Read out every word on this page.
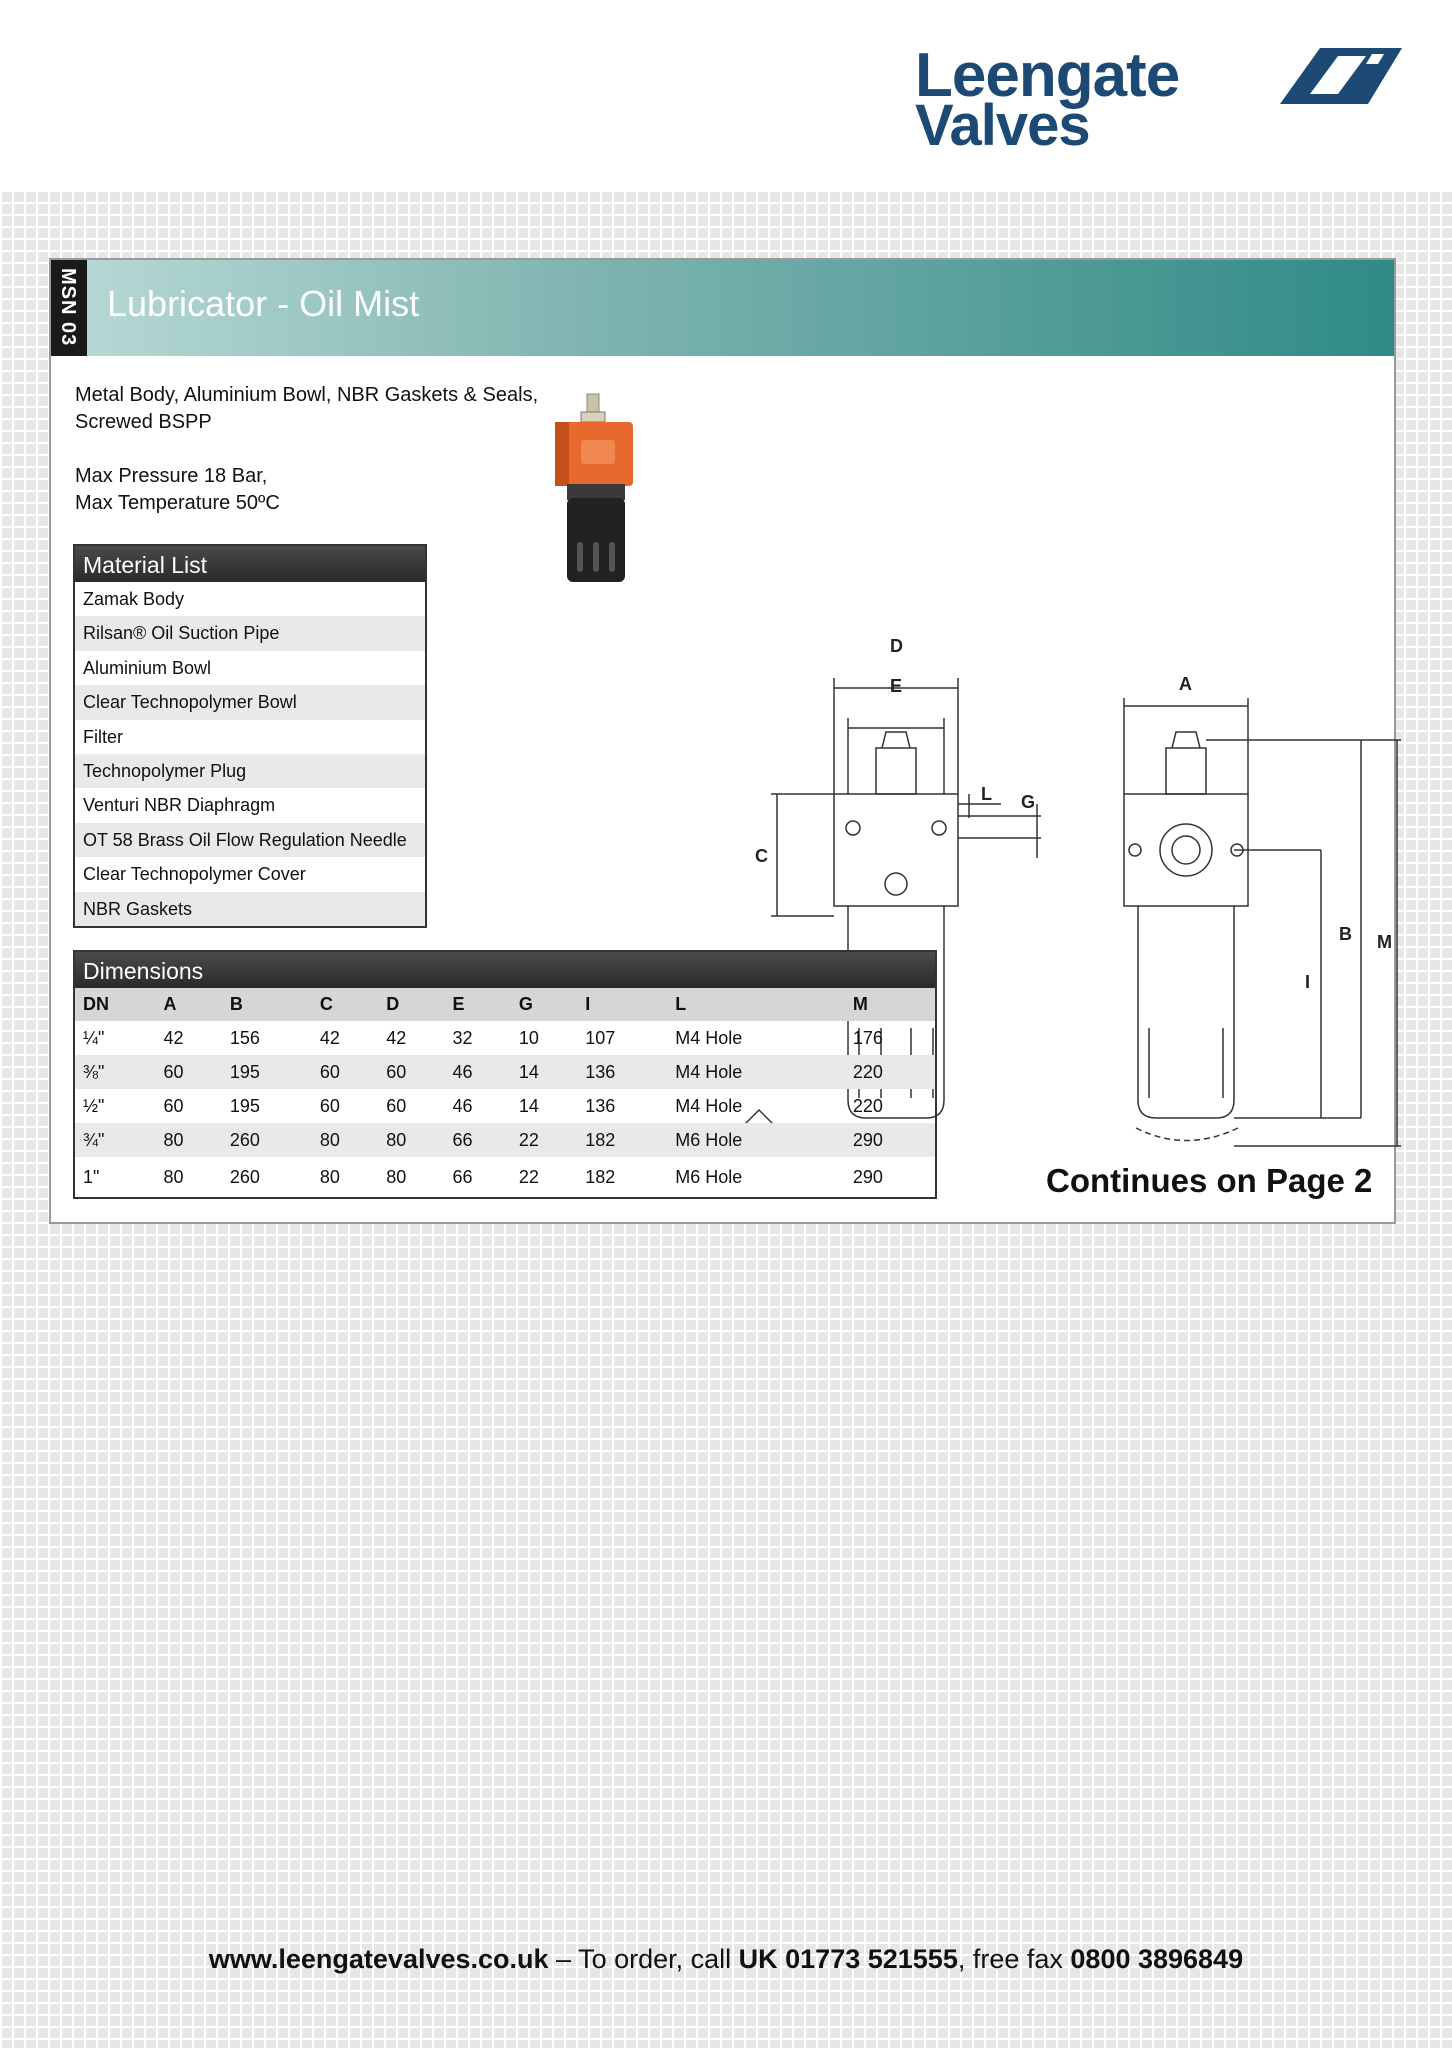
Leengate
Valves
MSN 03 Lubricator - Oil Mist
Metal Body, Aluminium Bowl, NBR Gaskets & Seals,
Screwed BSPP
Max Pressure 18 Bar,
Max Temperature 50ºC
Material List
Zamak Body
Rilsan® Oil Suction Pipe
Aluminium Bowl
Clear Technopolymer Bowl
Filter
Technopolymer Plug
Venturi NBR Diaphragm
OT 58 Brass Oil Flow Regulation Needle
Clear Technopolymer Cover
NBR Gaskets
D
E	A
C
L G
B M
I
Dimensions
DN	A	B	C	D	E	G	I	L	M
¼"	42	156	42	42	32	10	107	M4 Hole	176
⅜"	60	195	60	60	46	14	136	M4 Hole	220
½"	60	195	60	60	46	14	136	M4 Hole	220
¾"	80	260	80	80	66	22	182	M6 Hole	290
1"	80	260	80	80	66	22	182	M6 Hole	290	Continues on Page 2
www.leengatevalves.co.uk – To order, call UK 01773 521555, free fax 0800 3896849
